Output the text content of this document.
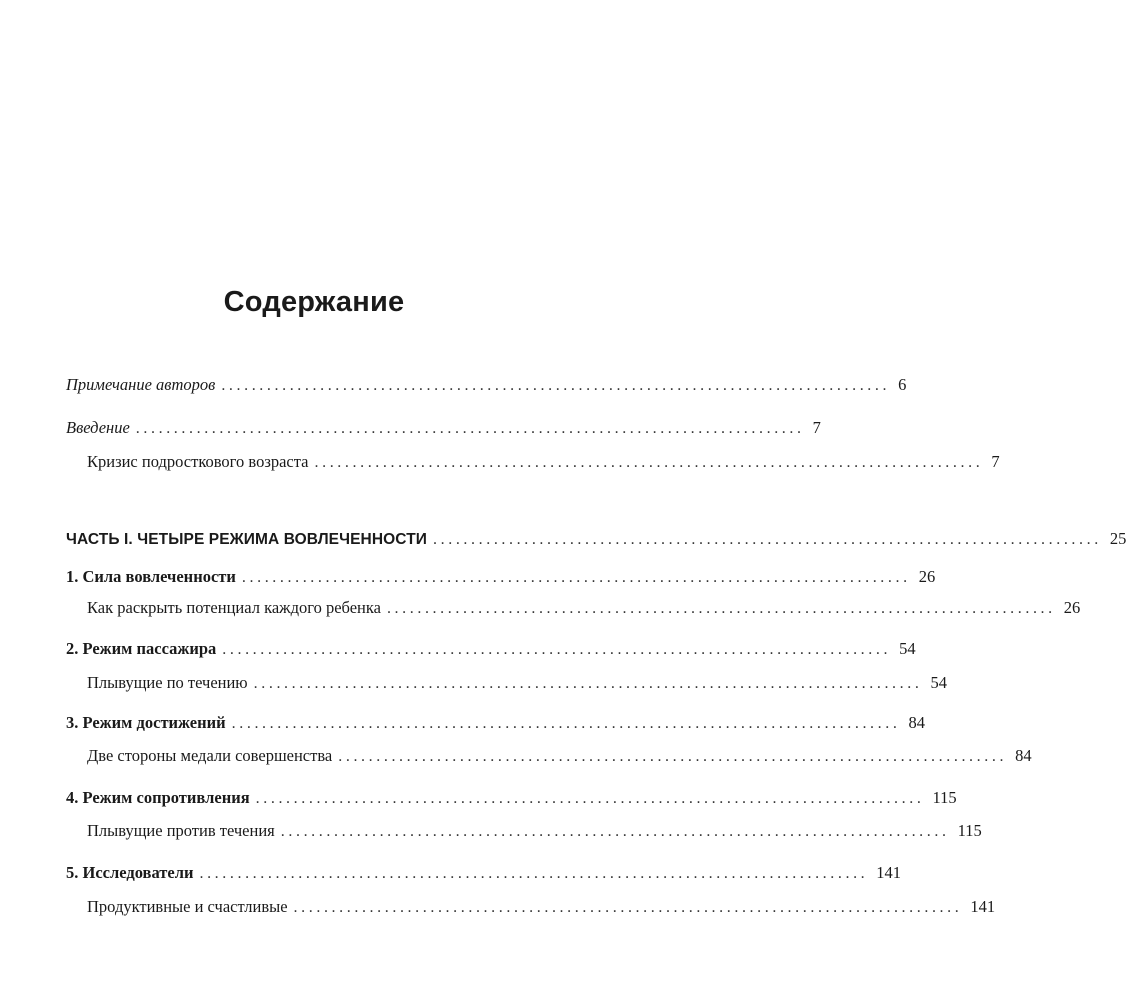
Содержание
Примечание авторов ........................................................................................ 6
Введение ........................................................................................ 7
Кризис подросткового возраста ........................................................................................ 7
ЧАСТЬ I. ЧЕТЫРЕ РЕЖИМА ВОВЛЕЧЕННОСТИ ........................................................................................ 25
1. Сила вовлеченности ........................................................................................ 26
Как раскрыть потенциал каждого ребенка ........................................................................................ 26
2. Режим пассажира ........................................................................................ 54
Плывущие по течению ........................................................................................ 54
3. Режим достижений ........................................................................................ 84
Две стороны медали совершенства ........................................................................................ 84
4. Режим сопротивления ........................................................................................ 115
Плывущие против течения ........................................................................................ 115
5. Исследователи ........................................................................................ 141
Продуктивные и счастливые ........................................................................................ 141
